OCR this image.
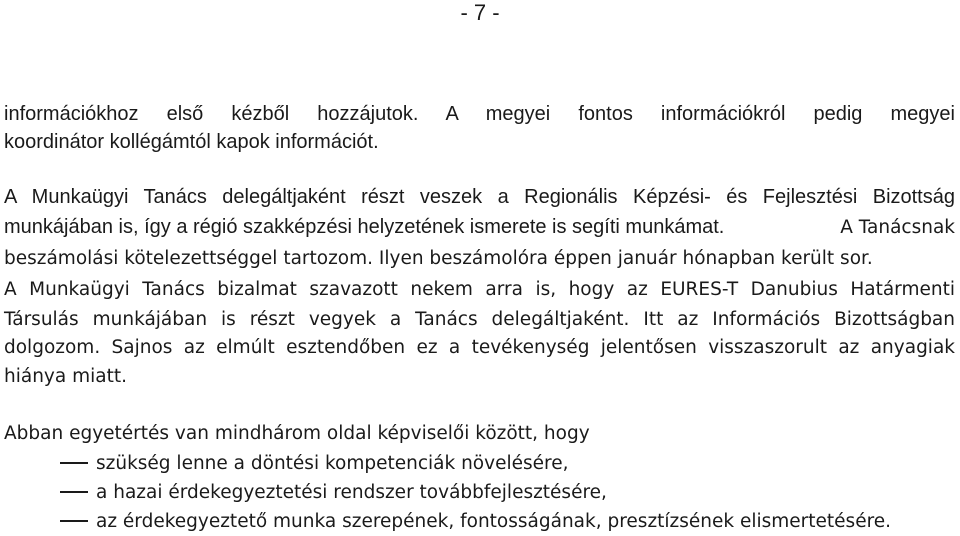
- 7 -
információkhoz első kézből hozzájutok. A megyei fontos információkról pedig megyei
koordinátor kollégámtól kapok információt.
A Munkaügyi Tanács delegáltjaként részt veszek a Regionális Képzési- és Fejlesztési Bizottság
munkájában is, így a régió szakképzési helyzetének ismerete is segíti munkámat.	A Tanácsnak
beszámolási kötelezettséggel tartozom. Ilyen beszámolóra éppen január hónapban került sor.
A Munkaügyi Tanács bizalmat szavazott nekem arra is, hogy az EURES-T Danubius Határmenti
Társulás munkájában is részt vegyek a Tanács delegáltjaként. Itt az Információs Bizottságban
dolgozom. Sajnos az elmúlt esztendőben ez a tevékenység jelentősen visszaszorult az anyagiak
hiánya miatt.
Abban egyetértés van mindhárom oldal képviselői között, hogy
szükség lenne a döntési kompetenciák növelésére,
a hazai érdekegyeztetési rendszer továbbfejlesztésére,
az érdekegyeztető munka szerepének, fontosságának, presztízsének elismertetésére.
